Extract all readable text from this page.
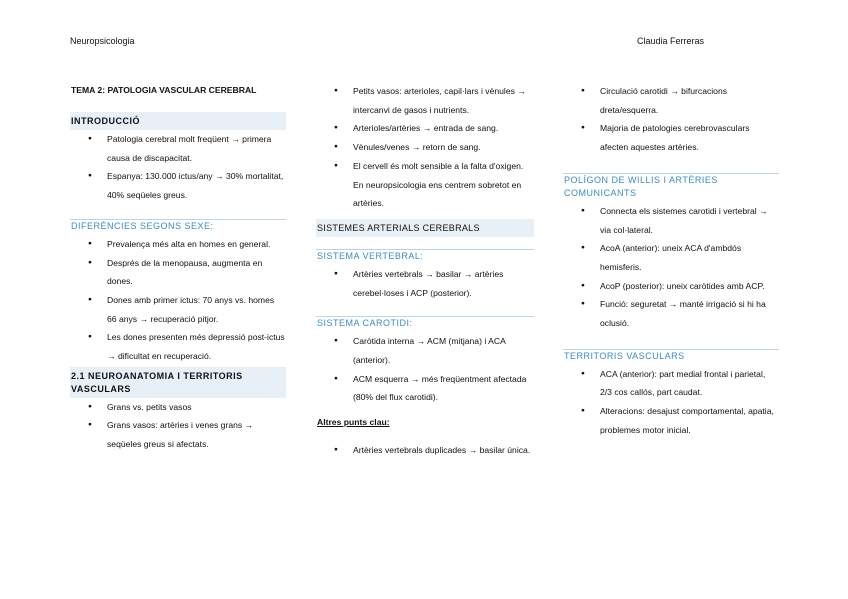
Neuropsicologia	Claudia Ferreras
TEMA 2: PATOLOGIA VASCULAR CEREBRAL
INTRODUCCIÓ
● Patologia cerebral molt freqüent → primera causa de discapacitat.
● Espanya: 130.000 ictus/any → 30% mortalitat, 40% seqüeles greus.
DIFERÈNCIES SEGONS SEXE:
● Prevalença més alta en homes en general.
● Després de la menopausa, augmenta en dones.
● Dones amb primer ictus: 70 anys vs. homes 66 anys → recuperació pitjor.
● Les dones presenten més depressió post-ictus → dificultat en recuperació.
2.1 NEUROANATOMIA I TERRITORIS VASCULARS
● Grans vs. petits vasos
● Grans vasos: artèries i venes grans → seqüeles greus si afectats.
● Petits vasos: arterioles, capil·lars i vènules → intercanvi de gasos i nutrients.
● Arterioles/artèries → entrada de sang.
● Vènules/venes → retorn de sang.
● El cervell és molt sensible a la falta d'oxigen. En neuropsicologia ens centrem sobretot en artèries.
SISTEMES ARTERIALS CEREBRALS
SISTEMA VERTEBRAL:
● Artèries vertebrals → basilar → artèries cerebel·loses i ACP (posterior).
SISTEMA CAROTIDI:
● Caròtida interna → ACM (mitjana) i ACA (anterior).
● ACM esquerra → més freqüentment afectada (80% del flux carotidi).
Altres punts clau:
● Artèries vertebrals duplicades → basilar única.
● Circulació carotidi → bifurcacions dreta/esquerra.
● Majoria de patologies cerebrovasculars afecten aquestes artèries.
POLÍGON DE WILLIS I ARTÈRIES COMUNICANTS
● Connecta els sistemes carotidi i vertebral → via col·lateral.
● AcoA (anterior): uneix ACA d'ambdós hemisferis.
● AcoP (posterior): uneix caròtides amb ACP.
● Funció: seguretat → manté irrigació si hi ha oclusió.
TERRITORIS VASCULARS
● ACA (anterior): part medial frontal i parietal, 2/3 cos callós, part caudat.
● Alteracions: desajust comportamental, apatia, problemes motor inicial.
